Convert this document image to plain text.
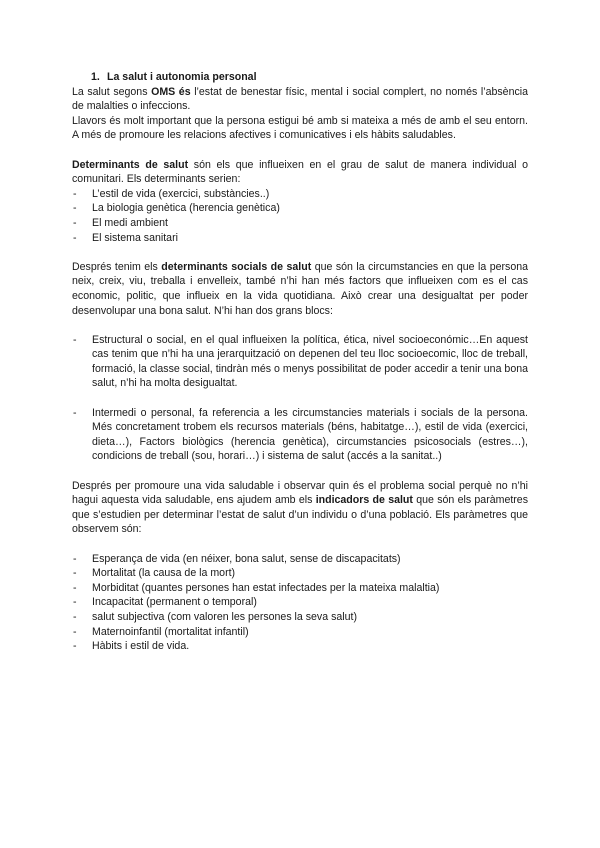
1. La salut i autonomia personal

La salut segons OMS és l’estat de benestar físic, mental i social complert, no només l’absència de malalties o infeccions.

Llavors és molt important que la persona estigui bé amb si mateixa a més de amb el seu entorn. A més de promoure les relacions afectives i comunicatives i els hàbits saludables.

Determinants de salut són els que influeixen en el grau de salut de manera individual o comunitari. Els determinants serien:

- L’estil de vida (exercici, substàncies..)
- La biologia genètica (herencia genètica)
- El medi ambient
- El sistema sanitari

Després tenim els determinants socials de salut que són la circumstancies en que la persona neix, creix, viu, treballa i envelleix, també n’hi han més factors que influeixen com es el cas economic, politic, que influeix en la vida quotidiana. Això crear una desigualtat per poder desenvolupar una bona salut. N’hi han dos grans blocs:

- Estructural o social, en el qual influeixen la política, ética, nivel socioeconómic…En aquest cas tenim que n’hi ha una jerarquització on depenen del teu lloc socioecomic, lloc de treball, formació, la classe social, tindràn més o menys possibilitat de poder accedir a tenir una bona salut, n’hi ha molta desigualtat.
- Intermedi o personal, fa referencia a les circumstancies materials i socials de la persona. Més concretament trobem els recursos materials (béns, habitatge…), estil de vida (exercici, dieta…), Factors biològics (herencia genètica), circumstancies psicosocials (estres…), condicions de treball (sou, horari…) i sistema de salut (accés a la sanitat..)

Després per promoure una vida saludable i observar quin és el problema social perquè no n’hi hagui aquesta vida saludable, ens ajudem amb els indicadors de salut que són els paràmetres que s’estudien per determinar l’estat de salut d’un individu o d’una població. Els paràmetres que observem són:

- Esperança de vida (en néixer, bona salut, sense de discapacitats)
- Mortalitat (la causa de la mort)
- Morbiditat (quantes persones han estat infectades per la mateixa malaltia)
- Incapacitat (permanent o temporal)
- salut subjectiva (com valoren les persones la seva salut)
- Maternoinfantil (mortalitat infantil)
- Hàbits i estil de vida.
